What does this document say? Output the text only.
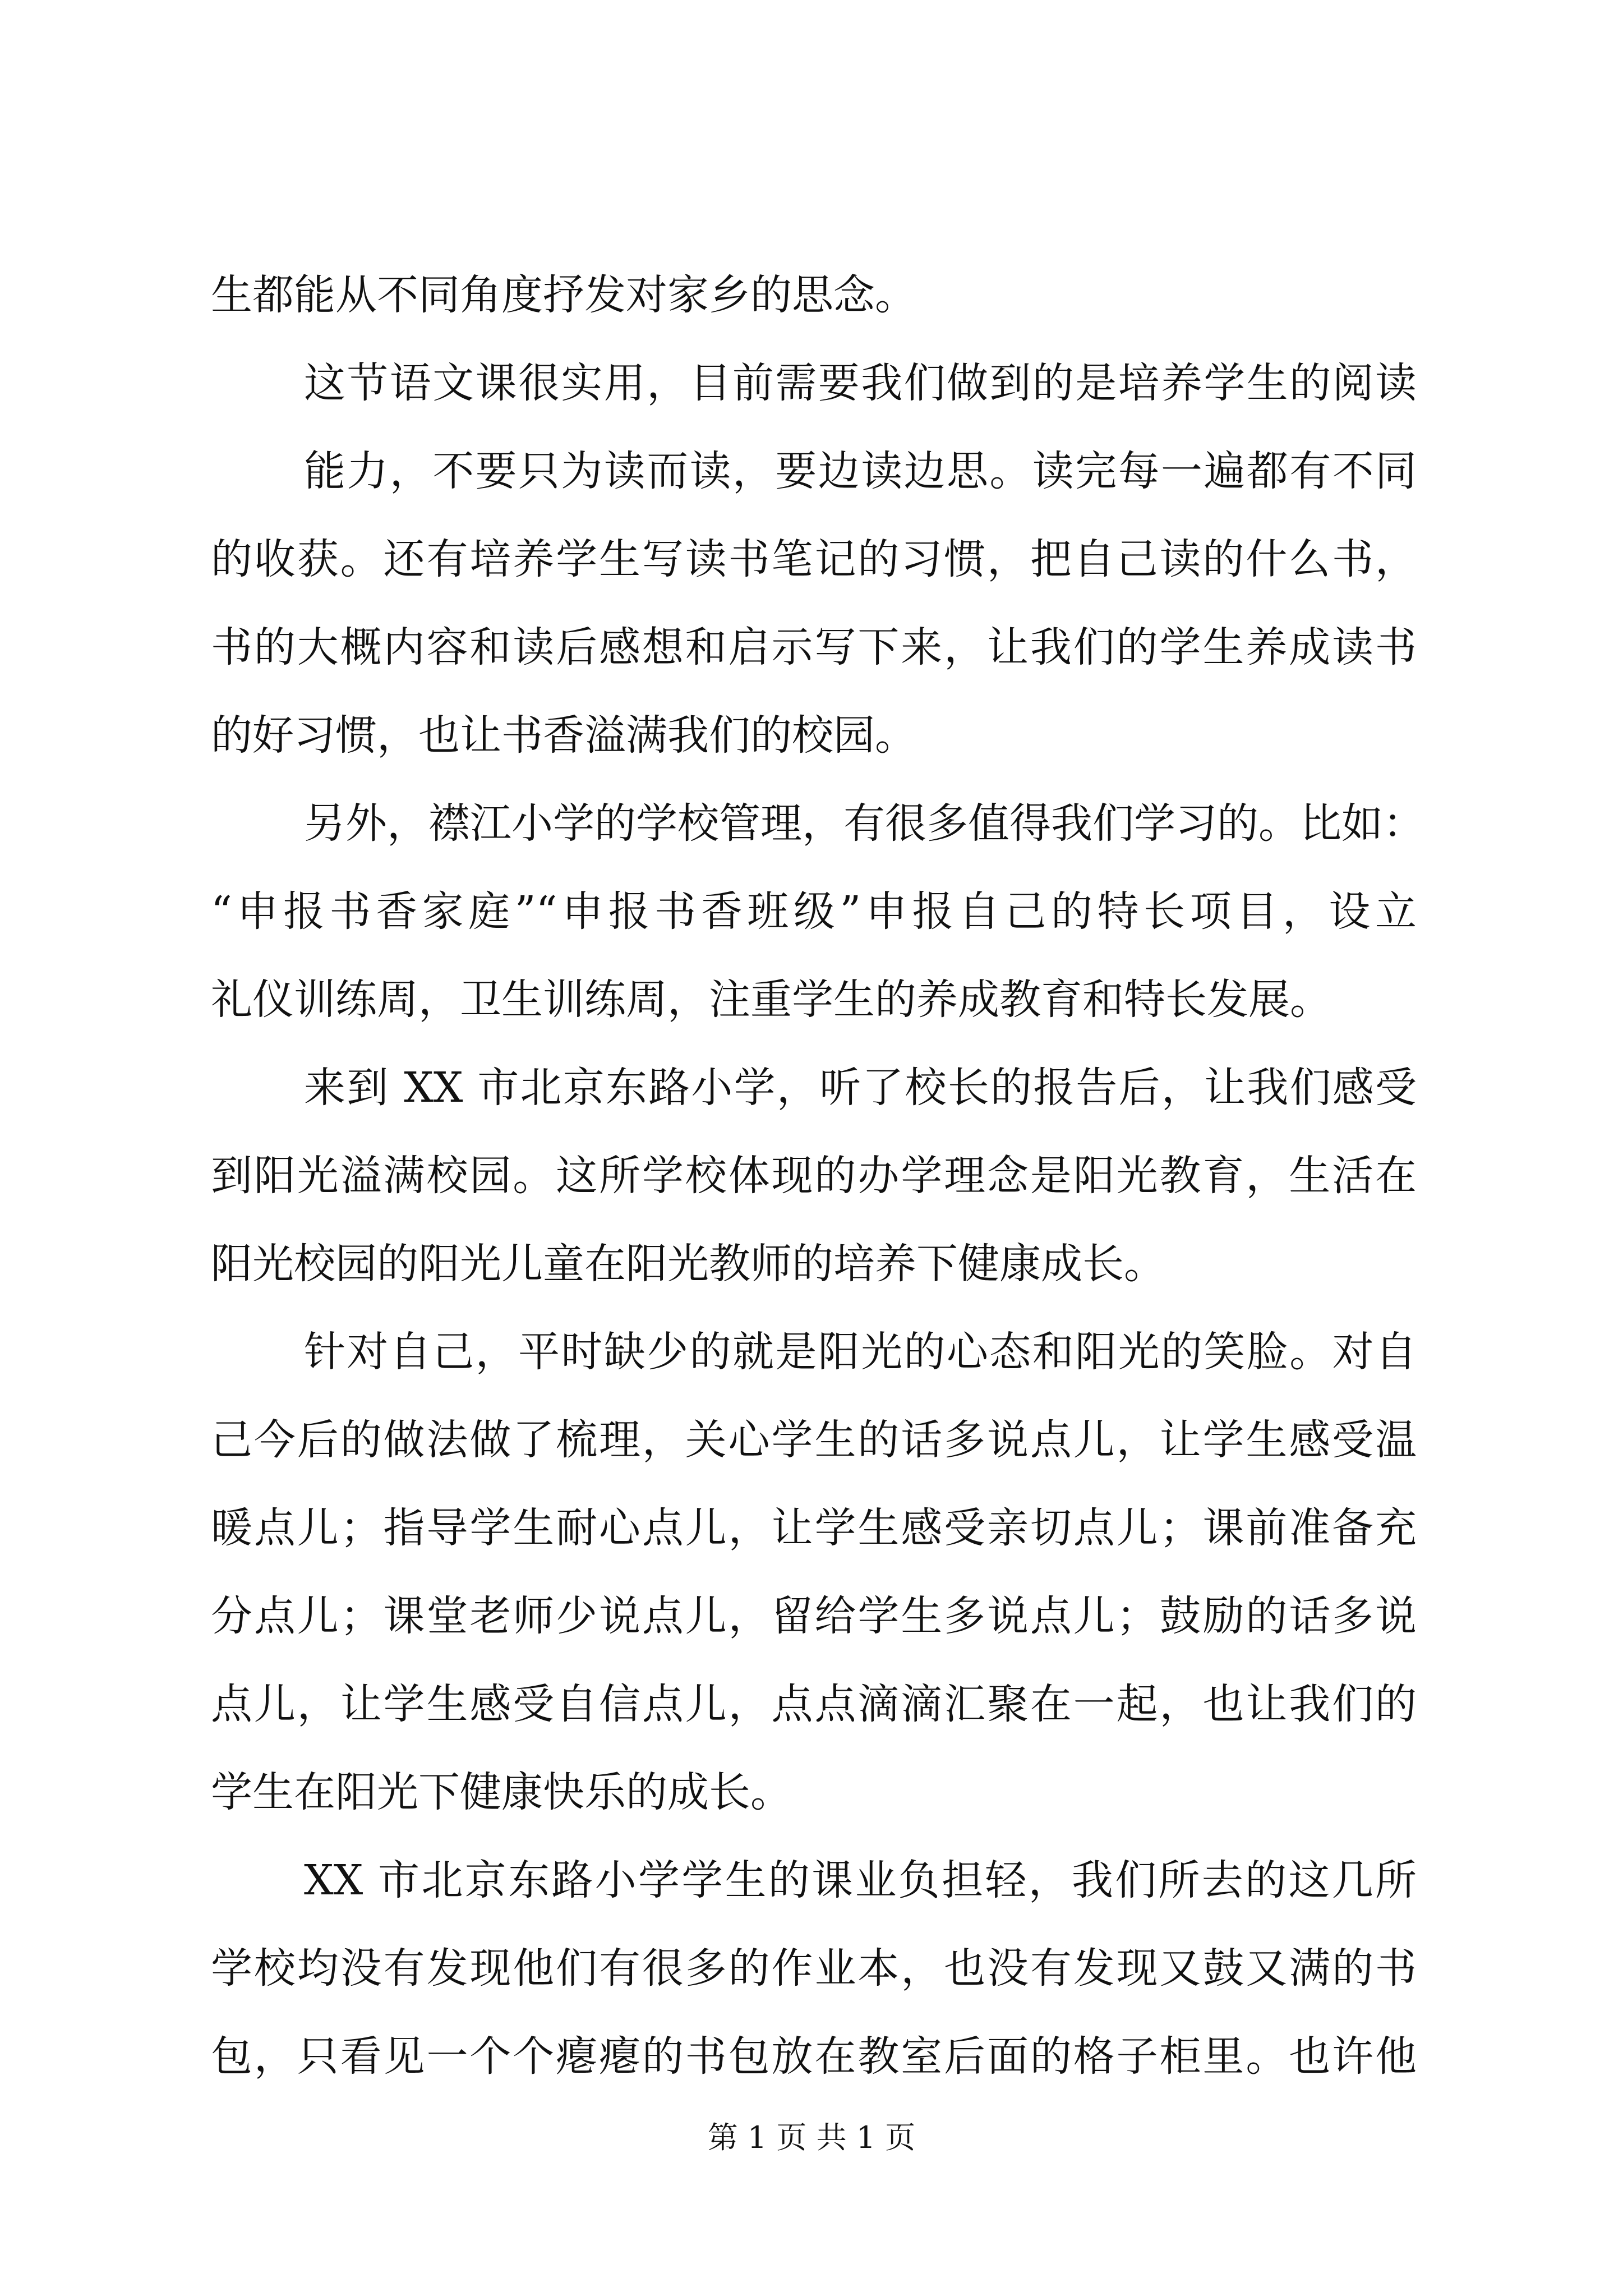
生都能从不同角度抒发对家乡的思念。
这节语文课很实用，目前需要我们做到的是培养学生的阅读
能力，不要只为读而读，要边读边思。读完每一遍都有不同
的收获。还有培养学生写读书笔记的习惯，把自己读的什么书，
书的大概内容和读后感想和启示写下来，让我们的学生养成读书
的好习惯，也让书香溢满我们的校园。
另外，襟江小学的学校管理，有很多值得我们学习的。比如：
“申报书香家庭”“申报书香班级”申报自己的特长项目，设立
礼仪训练周，卫生训练周，注重学生的养成教育和特长发展。
来到 XX 市北京东路小学，听了校长的报告后，让我们感受
到阳光溢满校园。这所学校体现的办学理念是阳光教育，生活在
阳光校园的阳光儿童在阳光教师的培养下健康成长。
针对自己，平时缺少的就是阳光的心态和阳光的笑脸。对自
己今后的做法做了梳理，关心学生的话多说点儿，让学生感受温
暖点儿；指导学生耐心点儿，让学生感受亲切点儿；课前准备充
分点儿；课堂老师少说点儿，留给学生多说点儿；鼓励的话多说
点儿，让学生感受自信点儿，点点滴滴汇聚在一起，也让我们的
学生在阳光下健康快乐的成长。
XX 市北京东路小学学生的课业负担轻，我们所去的这几所
学校均没有发现他们有很多的作业本，也没有发现又鼓又满的书
包，只看见一个个瘪瘪的书包放在教室后面的格子柜里。也许他
第 1 页 共 1 页
